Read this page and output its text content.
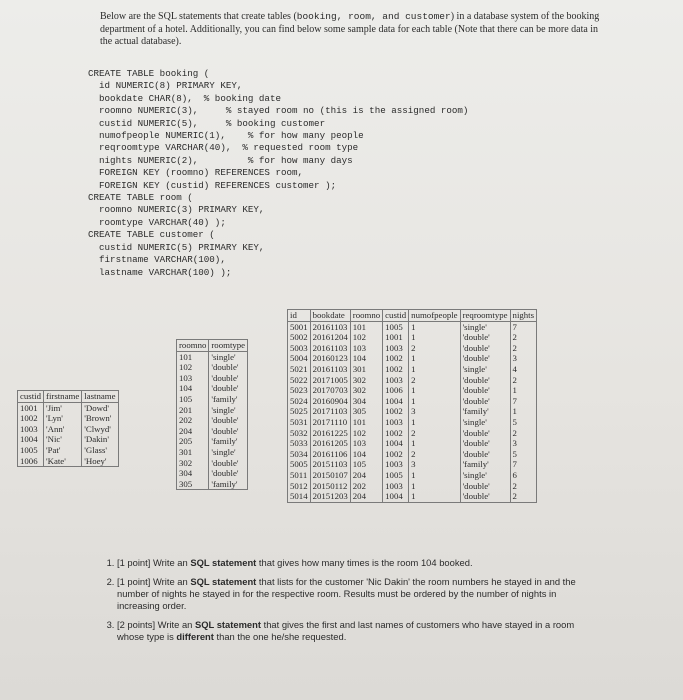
Below are the SQL statements that create tables (booking, room, and customer) in a database system of the booking department of a hotel. Additionally, you can find below some sample data for each table (Note that there can be more data in the actual database).
CREATE TABLE booking (
id NUMERIC(8) PRIMARY KEY,
bookdate CHAR(8),  % booking date
roomno NUMERIC(3),     % stayed room no (this is the assigned room)
custid NUMERIC(5),     % booking customer
numofpeople NUMERIC(1),    % for how many people
reqroomtype VARCHAR(40),  % requested room type
nights NUMERIC(2),         % for how many days
FOREIGN KEY (roomno) REFERENCES room,
FOREIGN KEY (custid) REFERENCES customer );
CREATE TABLE room (
roomno NUMERIC(3) PRIMARY KEY,
roomtype VARCHAR(40) );
CREATE TABLE customer (
custid NUMERIC(5) PRIMARY KEY,
firstname VARCHAR(100),
lastname VARCHAR(100) );
custid	firstname	lastname
1001	'Jim'	'Dowd'
1002	'Lyn'	'Brown'
1003	'Ann'	'Clwyd'
1004	'Nic'	'Dakin'
1005	'Pat'	'Glass'
1006	'Kate'	'Hoey'
roomno	roomtype
101	'single'
102	'double'
103	'double'
104	'double'
105	'family'
201	'single'
202	'double'
204	'double'
205	'family'
301	'single'
302	'double'
304	'double'
305	'family'
id	bookdate	roomno	custid	numofpeople	reqroomtype	nights
5001	20161103	101	1005	1	'single'	7
5002	20161204	102	1001	1	'double'	2
5003	20161103	103	1003	2	'double'	2
5004	20160123	104	1002	1	'double'	3
5021	20161103	301	1002	1	'single'	4
5022	20171005	302	1003	2	'double'	2
5023	20170703	302	1006	1	'double'	1
5024	20160904	304	1004	1	'double'	7
5025	20171103	305	1002	3	'family'	1
5031	20171110	101	1003	1	'single'	5
5032	20161225	102	1002	2	'double'	2
5033	20161205	103	1004	1	'double'	3
5034	20161106	104	1002	2	'double'	5
5005	20151103	105	1003	3	'family'	7
5011	20150107	204	1005	1	'single'	6
5012	20150112	202	1003	1	'double'	2
5014	20151203	204	1004	1	'double'	2
1. [1 point] Write an SQL statement that gives how many times is the room 104 booked.
2. [1 point] Write an SQL statement that lists for the customer 'Nic Dakin' the room numbers he stayed in and the number of nights he stayed in for the respective room. Results must be ordered by the number of nights in increasing order.
3. [2 points] Write an SQL statement that gives the first and last names of customers who have stayed in a room whose type is different than the one he/she requested.
